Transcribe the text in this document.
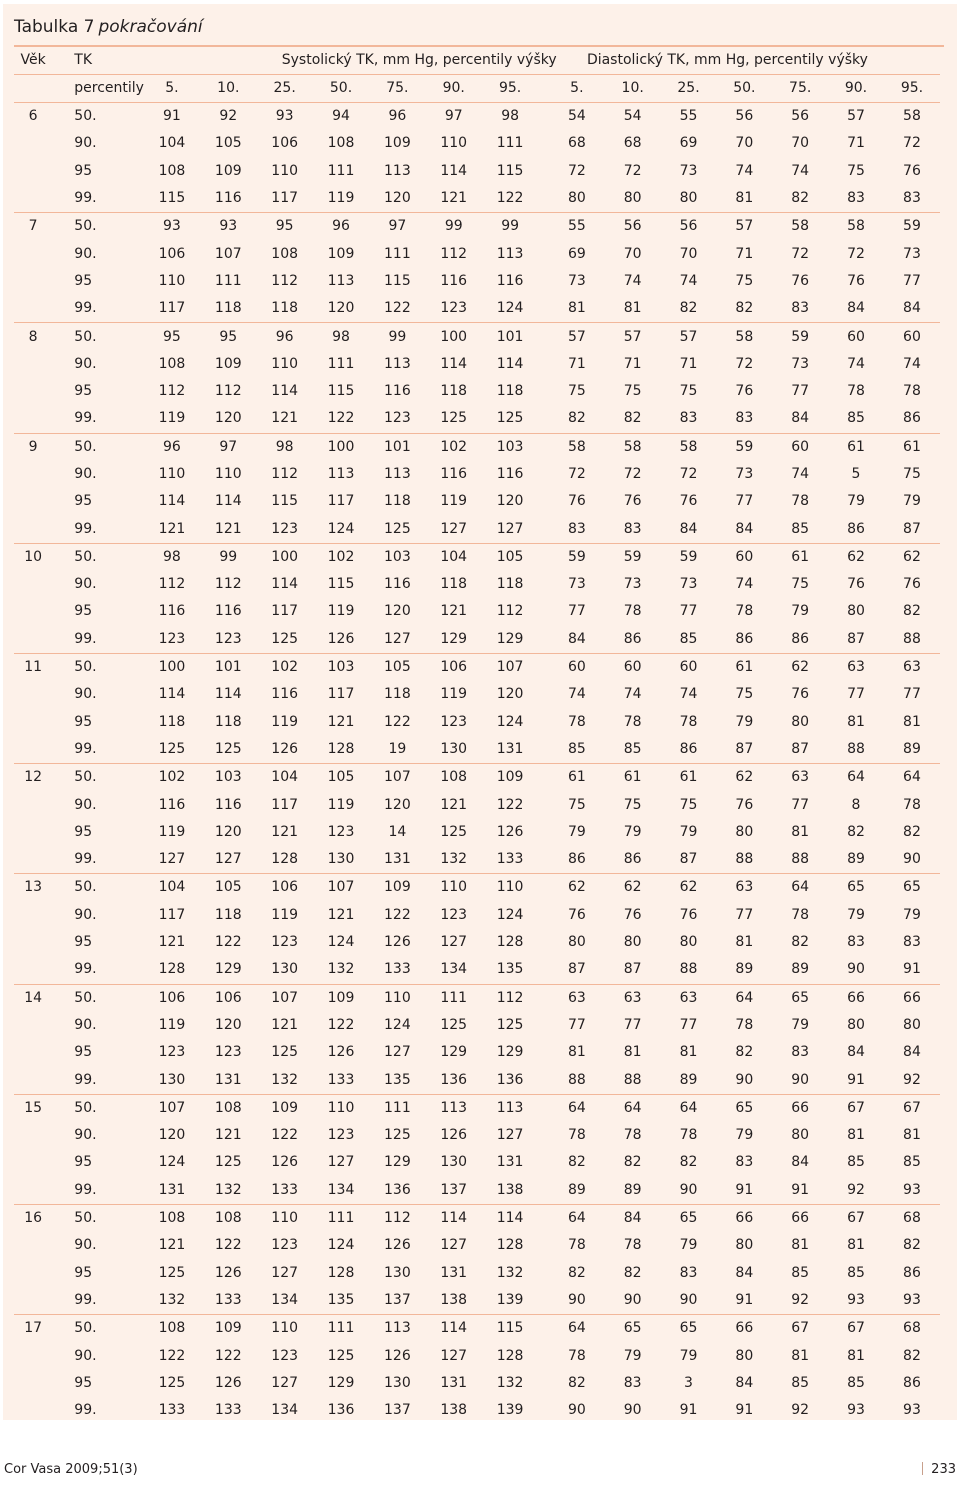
Tabulka 7 pokračování
Věk	TK	Systolický TK, mm Hg, percentily výšky								Diastolický TK, mm Hg, percentily výšky						
	percentily	5.	10.	25.	50.	75.	90.	95.		5.	10.	25.	50.	75.	90.	95.
6	50.	91	92	93	94	96	97	98		54	54	55	56	56	57	58
	90.	104	105	106	108	109	110	111		68	68	69	70	70	71	72
	95	108	109	110	111	113	114	115		72	72	73	74	74	75	76
	99.	115	116	117	119	120	121	122		80	80	80	81	82	83	83
7	50.	93	93	95	96	97	99	99		55	56	56	57	58	58	59
	90.	106	107	108	109	111	112	113		69	70	70	71	72	72	73
	95	110	111	112	113	115	116	116		73	74	74	75	76	76	77
	99.	117	118	118	120	122	123	124		81	81	82	82	83	84	84
8	50.	95	95	96	98	99	100	101		57	57	57	58	59	60	60
	90.	108	109	110	111	113	114	114		71	71	71	72	73	74	74
	95	112	112	114	115	116	118	118		75	75	75	76	77	78	78
	99.	119	120	121	122	123	125	125		82	82	83	83	84	85	86
9	50.	96	97	98	100	101	102	103		58	58	58	59	60	61	61
	90.	110	110	112	113	113	116	116		72	72	72	73	74	5	75
	95	114	114	115	117	118	119	120		76	76	76	77	78	79	79
	99.	121	121	123	124	125	127	127		83	83	84	84	85	86	87
10	50.	98	99	100	102	103	104	105		59	59	59	60	61	62	62
	90.	112	112	114	115	116	118	118		73	73	73	74	75	76	76
	95	116	116	117	119	120	121	112		77	78	77	78	79	80	82
	99.	123	123	125	126	127	129	129		84	86	85	86	86	87	88
11	50.	100	101	102	103	105	106	107		60	60	60	61	62	63	63
	90.	114	114	116	117	118	119	120		74	74	74	75	76	77	77
	95	118	118	119	121	122	123	124		78	78	78	79	80	81	81
	99.	125	125	126	128	19	130	131		85	85	86	87	87	88	89
12	50.	102	103	104	105	107	108	109		61	61	61	62	63	64	64
	90.	116	116	117	119	120	121	122		75	75	75	76	77	8	78
	95	119	120	121	123	14	125	126		79	79	79	80	81	82	82
	99.	127	127	128	130	131	132	133		86	86	87	88	88	89	90
13	50.	104	105	106	107	109	110	110		62	62	62	63	64	65	65
	90.	117	118	119	121	122	123	124		76	76	76	77	78	79	79
	95	121	122	123	124	126	127	128		80	80	80	81	82	83	83
	99.	128	129	130	132	133	134	135		87	87	88	89	89	90	91
14	50.	106	106	107	109	110	111	112		63	63	63	64	65	66	66
	90.	119	120	121	122	124	125	125		77	77	77	78	79	80	80
	95	123	123	125	126	127	129	129		81	81	81	82	83	84	84
	99.	130	131	132	133	135	136	136		88	88	89	90	90	91	92
15	50.	107	108	109	110	111	113	113		64	64	64	65	66	67	67
	90.	120	121	122	123	125	126	127		78	78	78	79	80	81	81
	95	124	125	126	127	129	130	131		82	82	82	83	84	85	85
	99.	131	132	133	134	136	137	138		89	89	90	91	91	92	93
16	50.	108	108	110	111	112	114	114		64	84	65	66	66	67	68
	90.	121	122	123	124	126	127	128		78	78	79	80	81	81	82
	95	125	126	127	128	130	131	132		82	82	83	84	85	85	86
	99.	132	133	134	135	137	138	139		90	90	90	91	92	93	93
17	50.	108	109	110	111	113	114	115		64	65	65	66	67	67	68
	90.	122	122	123	125	126	127	128		78	79	79	80	81	81	82
	95	125	126	127	129	130	131	132		82	83	3	84	85	85	86
	99.	133	133	134	136	137	138	139		90	90	91	91	92	93	93
Cor Vasa 2009;51(3)	233
